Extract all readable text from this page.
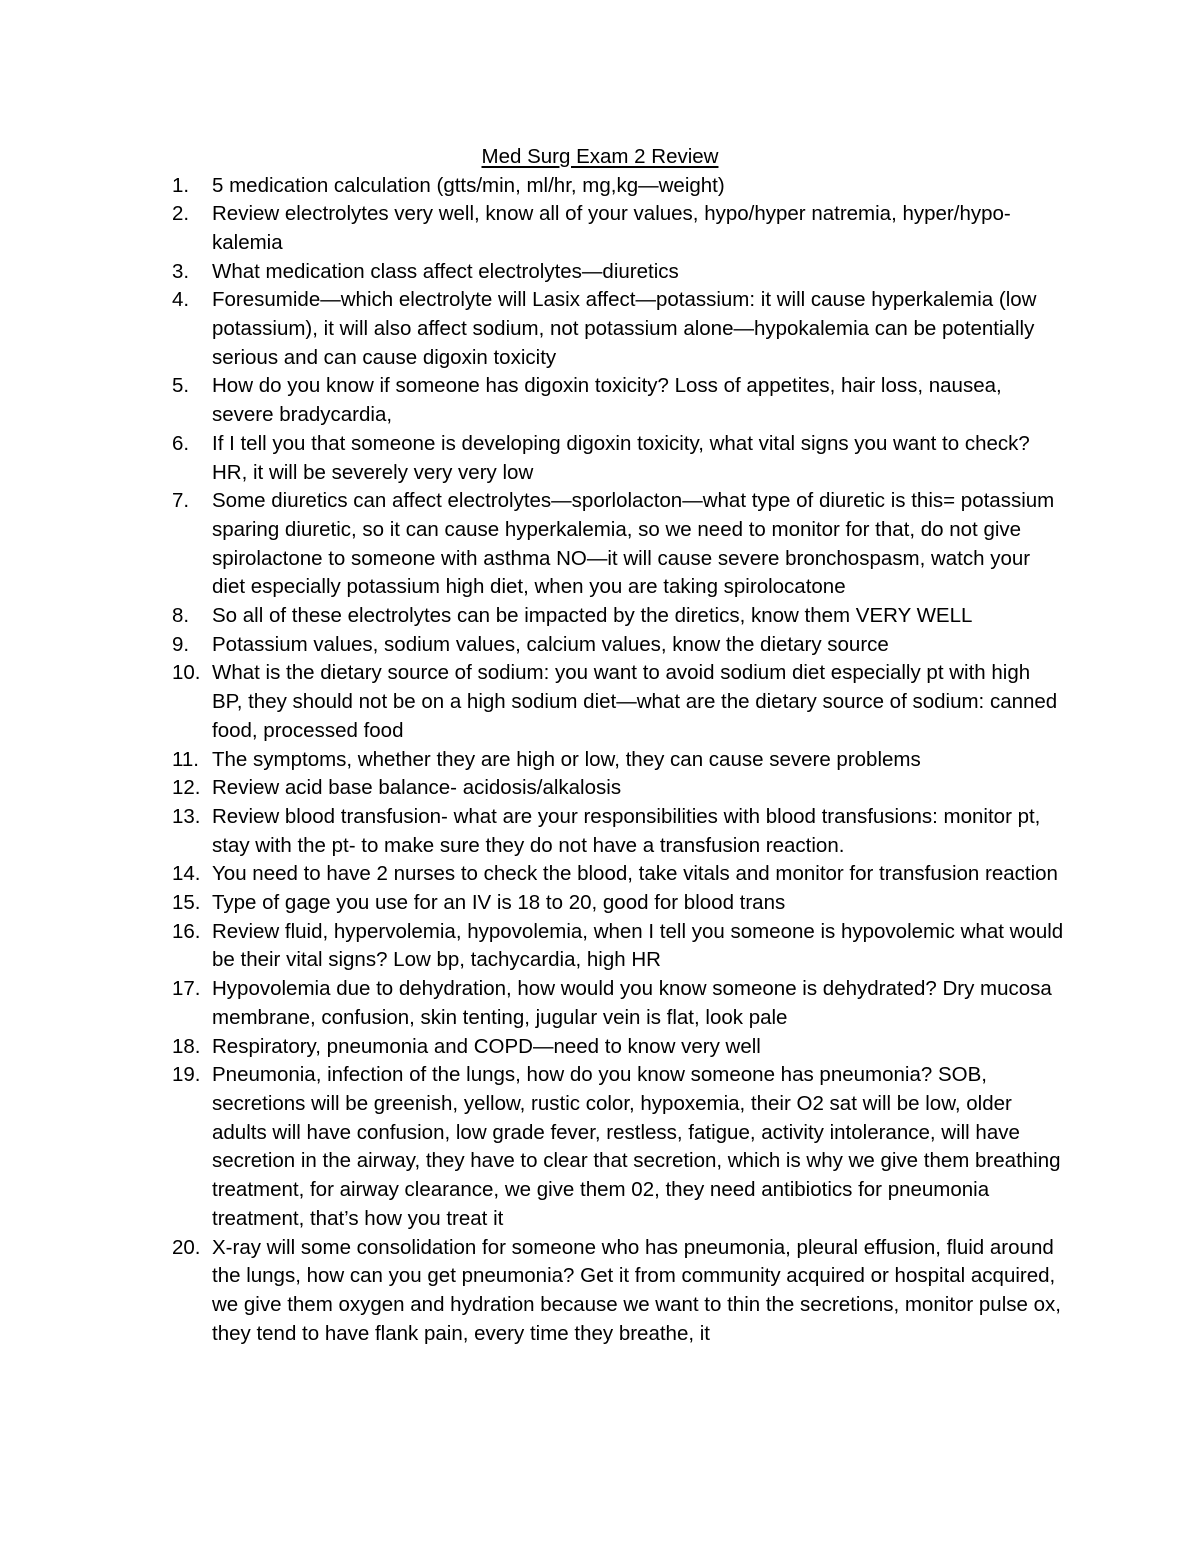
Med Surg Exam 2 Review
1.	5 medication calculation (gtts/min, ml/hr, mg,kg—weight)
2.	Review electrolytes very well, know all of your values, hypo/hyper natremia, hyper/hypo-kalemia
3.	What medication class affect electrolytes—diuretics
4.	Foresumide—which electrolyte will Lasix affect—potassium: it will cause hyperkalemia (low potassium), it will also affect sodium, not potassium alone—hypokalemia can be potentially serious and can cause digoxin toxicity
5.	How do you know if someone has digoxin toxicity? Loss of appetites, hair loss, nausea, severe bradycardia,
6.	If I tell you that someone is developing digoxin toxicity, what vital signs you want to check? HR, it will be severely very very low
7.	Some diuretics can affect electrolytes—sporlolacton—what type of diuretic is this= potassium sparing diuretic, so it can cause hyperkalemia, so we need to monitor for that, do not give spirolactone to someone with asthma NO—it will cause severe bronchospasm, watch your diet especially potassium high diet, when you are taking spirolocatone
8.	So all of these electrolytes can be impacted by the diretics, know them VERY WELL
9.	Potassium values, sodium values, calcium values, know the dietary source
10. What is the dietary source of sodium: you want to avoid sodium diet especially pt with high BP, they should not be on a high sodium diet—what are the dietary source of sodium: canned food, processed food
11. The symptoms, whether they are high or low, they can cause severe problems
12. Review acid base balance- acidosis/alkalosis
13. Review blood transfusion- what are your responsibilities with blood transfusions: monitor pt, stay with the pt- to make sure they do not have a transfusion reaction.
14. You need to have 2 nurses to check the blood, take vitals and monitor for transfusion reaction
15. Type of gage you use for an IV is 18 to 20, good for blood trans
16. Review fluid, hypervolemia, hypovolemia, when I tell you someone is hypovolemic what would be their vital signs? Low bp, tachycardia, high HR
17. Hypovolemia due to dehydration, how would you know someone is dehydrated? Dry mucosa membrane, confusion, skin tenting, jugular vein is flat, look pale
18. Respiratory, pneumonia and COPD—need to know very well
19. Pneumonia, infection of the lungs, how do you know someone has pneumonia? SOB, secretions will be greenish, yellow, rustic color, hypoxemia, their O2 sat will be low, older adults will have confusion, low grade fever, restless, fatigue, activity intolerance, will have secretion in the airway, they have to clear that secretion, which is why we give them breathing treatment, for airway clearance, we give them 02, they need antibiotics for pneumonia treatment, that’s how you treat it
20. X-ray will some consolidation for someone who has pneumonia, pleural effusion, fluid around the lungs, how can you get pneumonia? Get it from community acquired or hospital acquired, we give them oxygen and hydration because we want to thin the secretions, monitor pulse ox, they tend to have flank pain, every time they breathe, it
